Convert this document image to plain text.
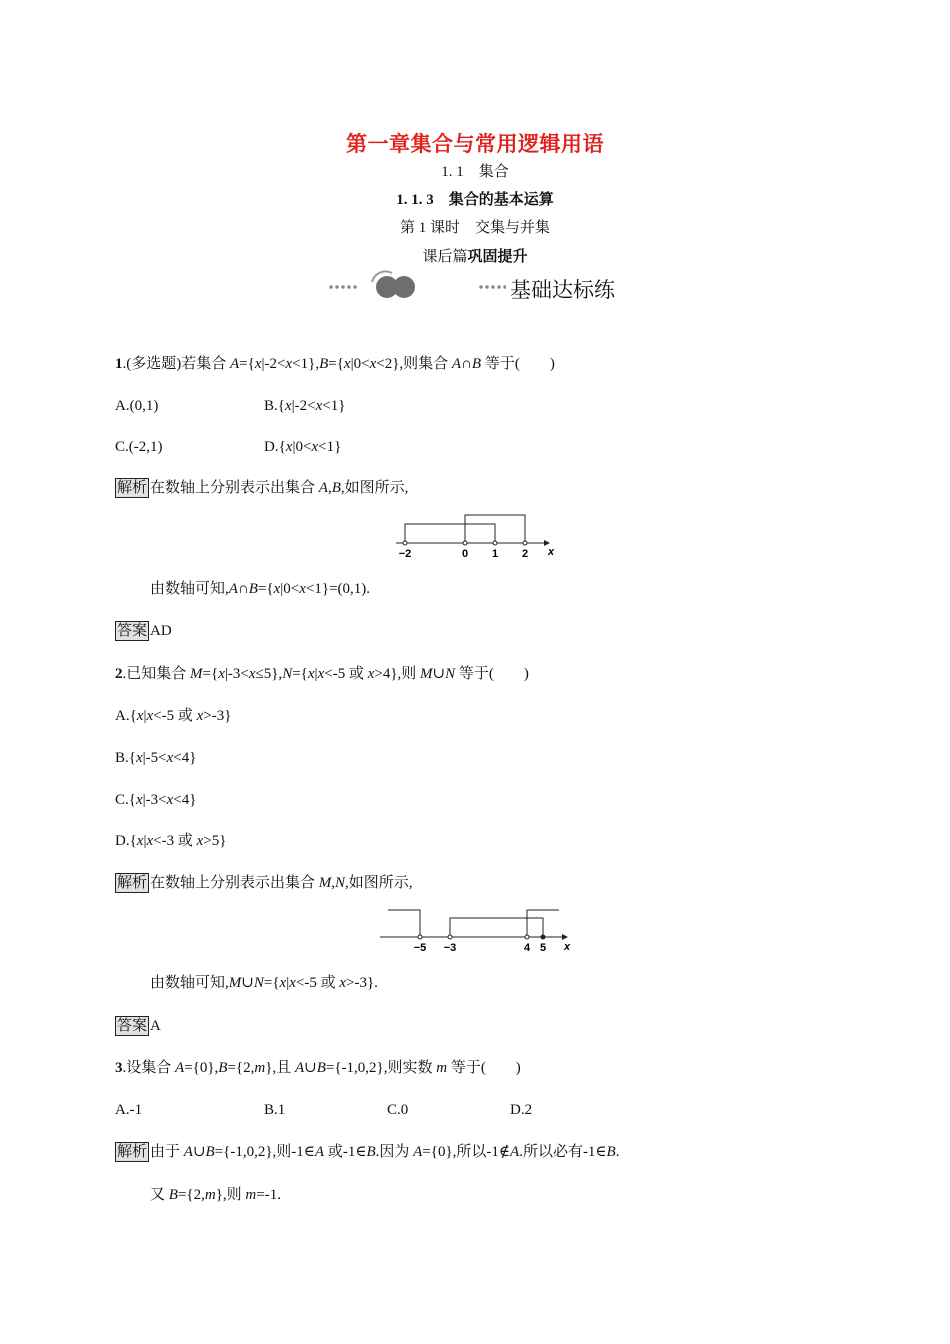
第一章集合与常用逻辑用语
1. 1　集合
1. 1. 3　集合的基本运算
第 1 课时　交集与并集
课后篇巩固提升
基础达标练
1.(多选题)若集合 A={x|-2<x<1},B={x|0<x<2},则集合 A∩B 等于(　　)
A.(0,1)	B.{x|-2<x<1}
C.(-2,1)	D.{x|0<x<1}
解析 在数轴上分别表示出集合 A,B,如图所示,
−2	0 1 2 x
由数轴可知,A∩B={x|0<x<1}=(0,1).
答案 AD
2.已知集合 M={x|-3<x≤5},N={x|x<-5 或 x>4},则 M∪N 等于(　　)
A.{x|x<-5 或 x>-3}
B.{x|-5<x<4}
C.{x|-3<x<4}
D.{x|x<-3 或 x>5}
解析 在数轴上分别表示出集合 M,N,如图所示,
−5 −3	4 5 x
由数轴可知,M∪N={x|x<-5 或 x>-3}.
答案 A
3.设集合 A={0},B={2,m},且 A∪B={-1,0,2},则实数 m 等于(　　)
A.-1	B.1	C.0	D.2
解析 由于 A∪B={-1,0,2},则-1∈A 或-1∈B.因为 A={0},所以-1∉A.所以必有-1∈B.
又 B={2,m},则 m=-1.
